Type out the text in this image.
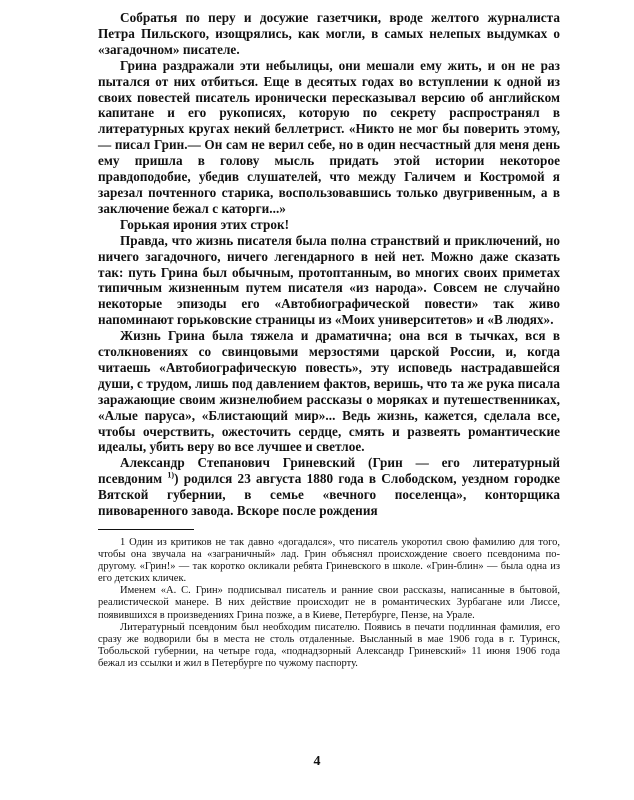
Собратья по перу и досужие газетчики, вроде желтого журналиста Петра Пильского, изощрялись, как могли, в самых нелепых выдумках о «загадочном» писателе.

Грина раздражали эти небылицы, они мешали ему жить, и он не раз пытался от них отбиться. Еще в десятых годах во вступлении к одной из своих повестей писатель иронически пересказывал версию об английском капитане и его рукописях, которую по секрету распространял в литературных кругах некий беллетрист. «Никто не мог бы поверить этому,— писал Грин.— Он сам не верил себе, но в один несчастный для меня день ему пришла в голову мысль придать этой истории некоторое правдоподобие, убедив слушателей, что между Галичем и Костромой я зарезал почтенного старика, воспользовавшись только двугривенным, а в заключение бежал с каторги...»

Горькая ирония этих строк!

Правда, что жизнь писателя была полна странствий и приключений, но ничего загадочного, ничего легендарного в ней нет. Можно даже сказать так: путь Грина был обычным, протоптанным, во многих своих приметах типичным жизненным путем писателя «из народа». Совсем не случайно некоторые эпизоды его «Автобиографической повести» так живо напоминают горьковские страницы из «Моих университетов» и «В людях».

Жизнь Грина была тяжела и драматична; она вся в тычках, вся в столкновениях со свинцовыми мерзостями царской России, и, когда читаешь «Автобиографическую повесть», эту исповедь настрадавшейся души, с трудом, лишь под давлением фактов, веришь, что та же рука писала заражающие своим жизнелюбием рассказы о моряках и путешественниках, «Алые паруса», «Блистающий мир»... Ведь жизнь, кажется, сделала все, чтобы очерствить, ожесточить сердце, смять и развеять романтические идеалы, убить веру во все лучшее и светлое.

Александр Степанович Гриневский (Грин — его литературный псевдоним $^{1)}$) родился 23 августа 1880 года в Слободском, уездном городке Вятской губернии, в семье «вечного поселенца», конторщика пивоваренного завода. Вскоре после рождения

1 Один из критиков не так давно «догадался», что писатель укоротил свою фамилию для того, чтобы она звучала на «заграничный» лад. Грин объяснял происхождение своего псевдонима по-другому. «Грин!» — так коротко окликали ребята Гриневского в школе. «Грин-блин» — была одна из его детских кличек.

Именем «А. С. Грин» подписывал писатель и ранние свои рассказы, написанные в бытовой, реалистической манере. В них действие происходит не в романтических Зурбагане или Лиссе, появившихся в произведениях Грина позже, а в Киеве, Петербурге, Пензе, на Урале.

Литературный псевдоним был необходим писателю. Появись в печати подлинная фамилия, его сразу же водворили бы в места не столь отдаленные. Высланный в мае 1906 года в г. Туринск, Тобольской губернии, на четыре года, «поднадзорный Александр Гриневский» 11 июня 1906 года бежал из ссылки и жил в Петербурге по чужому паспорту.

4
